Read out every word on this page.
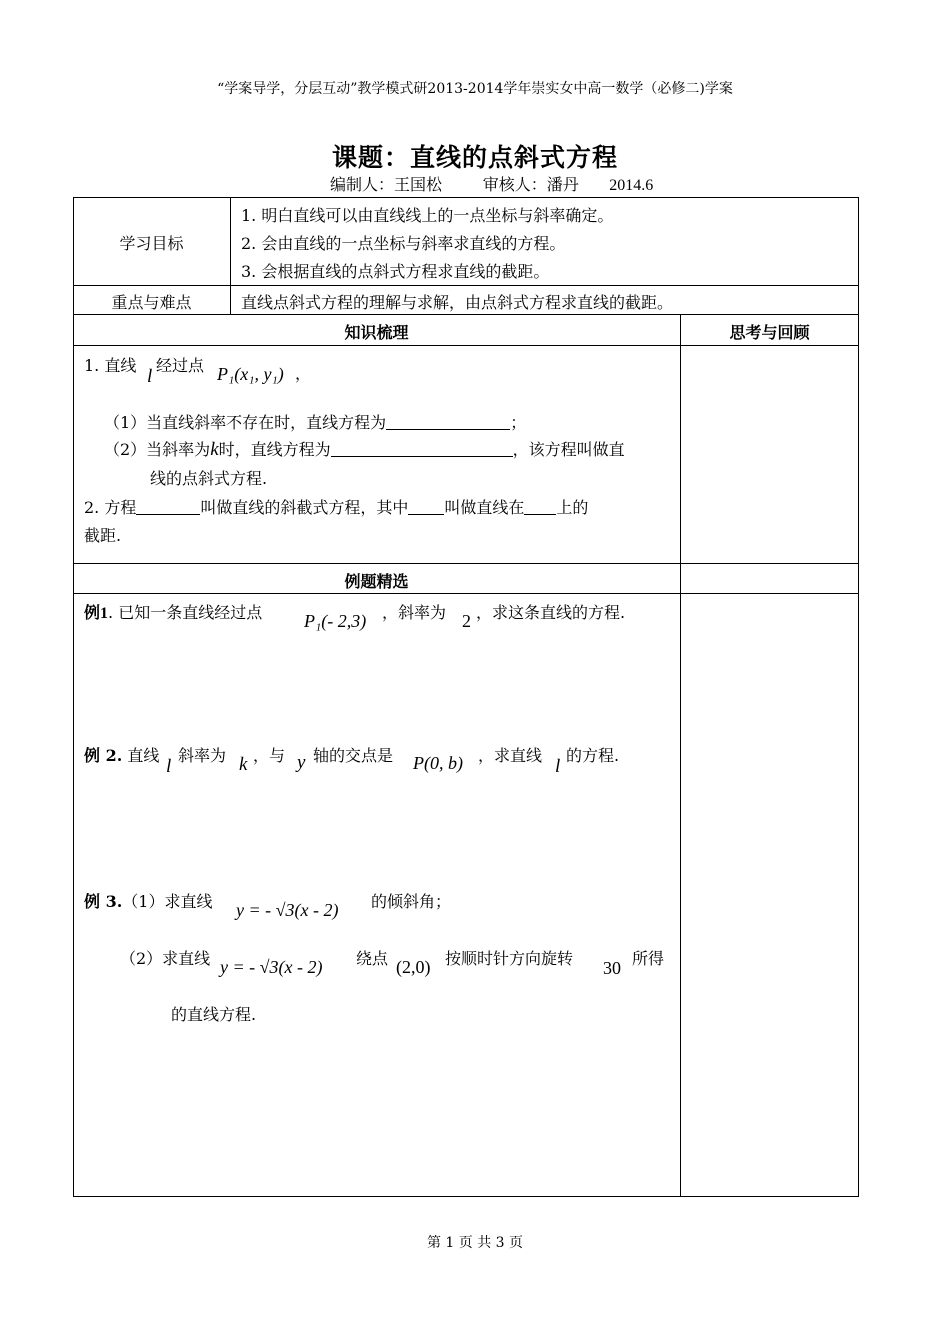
“学案导学，分层互动”教学模式研2013-2014学年崇实女中高一数学（必修二)学案
课题：直线的点斜式方程
编制人：王国松	审核人：潘丹 2014.6
学习目标
1. 明白直线可以由直线线上的一点坐标与斜率确定。
2. 会由直线的一点坐标与斜率求直线的方程。
3. 会根据直线的点斜式方程求直线的截距。
重点与难点	直线点斜式方程的理解与求解，由点斜式方程求直线的截距。
知识梳理	思考与回顾
1. 直线
l
经过点 P₁(x₁, y₁) ，
（1）当直线斜率不存在时，直线方程为	；
（2）当斜率为k时，直线方程为	，该方程叫做直
线的点斜式方程.
2. 方程	叫做直线的斜截式方程，其中 叫做直线在 上的
截距.
例题精选
例1. 已知一条直线经过点 P₁(- 2,3) ，斜率为 2 ，求这条直线的方程.
例 2. 直线
l
斜率为 k ，与 y 轴的交点是 P(0, b) ，求直线
l
的方程.
例 3.（1）求直线 y = - √3(x - 2) 的倾斜角；
（2）求直线 y = - √3(x - 2) 绕点 (2,0) 按顺时针方向旋转 30 所得
的直线方程.
第 1 页 共 3 页
